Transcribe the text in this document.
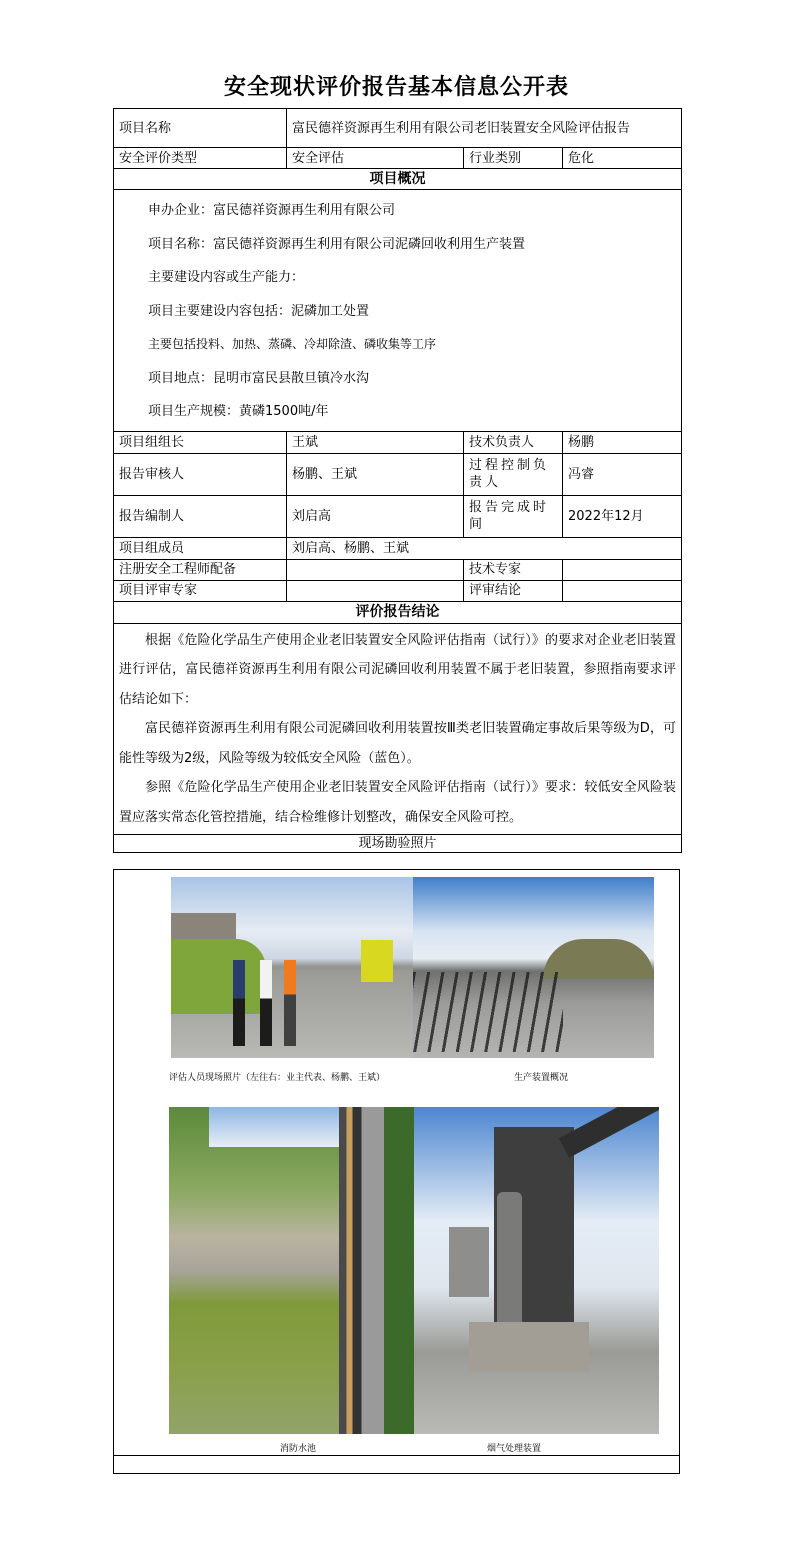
安全现状评价报告基本信息公开表
项目名称	富民德祥资源再生利用有限公司老旧装置安全风险评估报告		
安全评价类型	安全评估	行业类别	危化
项目概况			

申办企业：富民德祥资源再生利用有限公司

项目名称：富民德祥资源再生利用有限公司泥磷回收利用生产装置

主要建设内容或生产能力：

项目主要建设内容包括：泥磷加工处置

主要包括投料、加热、蒸磷、冷却除渣、磷收集等工序

项目地点：昆明市富民县散旦镇冷水沟

项目生产规模：黄磷1500吨/年

项目组组长	王斌	技术负责人	杨鹏
报告审核人	杨鹏、王斌	过程控制负责人	冯睿
报告编制人	刘启高	报告完成时间	2022年12月
项目组成员	刘启高、杨鹏、王斌		
注册安全工程师配备		技术专家	
项目评审专家		评审结论	
评价报告结论			

根据《危险化学品生产使用企业老旧装置安全风险评估指南（试行）》的要求对企业老旧装置进行评估，富民德祥资源再生利用有限公司泥磷回收利用装置不属于老旧装置，参照指南要求评估结论如下：

富民德祥资源再生利用有限公司泥磷回收利用装置按Ⅲ类老旧装置确定事故后果等级为D，可能性等级为2级，风险等级为较低安全风险（蓝色）。

参照《危险化学品生产使用企业老旧装置安全风险评估指南（试行）》要求：较低安全风险装置应落实常态化管控措施，结合检维修计划整改，确保安全风险可控。			

现场勘验照片			
评估人员现场照片（左往右：业主代表、杨鹏、王斌）	生产装置概况
消防水池	烟气处理装置
